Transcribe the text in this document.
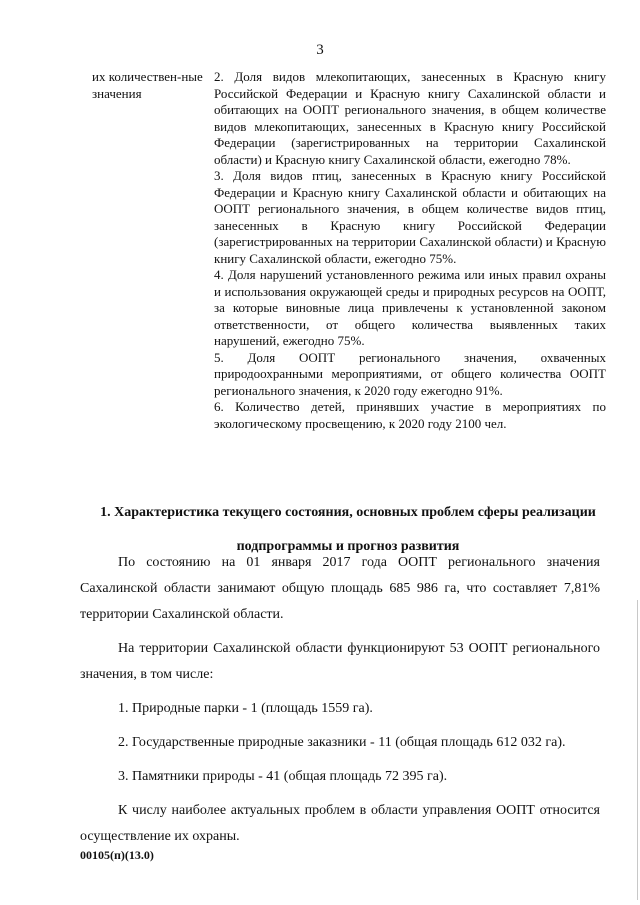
3
их количествен-ные значения

2. Доля видов млекопитающих, занесенных в Красную книгу Российской Федерации и Красную книгу Сахалинской области и обитающих на ООПТ регионального значения, в общем количестве видов млекопитающих, занесенных в Красную книгу Российской Федерации (зарегистрированных на территории Сахалинской области) и Красную книгу Сахалинской области, ежегодно 78%.

3. Доля видов птиц, занесенных в Красную книгу Российской Федерации и Красную книгу Сахалинской области и обитающих на ООПТ регионального значения, в общем количестве видов птиц, занесенных в Красную книгу Российской Федерации (зарегистрированных на территории Сахалинской области) и Красную книгу Сахалинской области, ежегодно 75%.

4. Доля нарушений установленного режима или иных правил охраны и использования окружающей среды и природных ресурсов на ООПТ, за которые виновные лица привлечены к установленной законом ответственности, от общего количества выявленных таких нарушений, ежегодно 75%.

5. Доля ООПТ регионального значения, охваченных природоохранными мероприятиями, от общего количества ООПТ регионального значения, к 2020 году ежегодно 91%.

6. Количество детей, принявших участие в мероприятиях по экологическому просвещению, к 2020 году 2100 чел.

1. Характеристика текущего состояния, основных проблем сферы реализации подпрограммы и прогноз развития

По состоянию на 01 января 2017 года ООПТ регионального значения Сахалинской области занимают общую площадь 685 986 га, что составляет 7,81% территории Сахалинской области.

На территории Сахалинской области функционируют 53 ООПТ регионального значения, в том числе:

1. Природные парки - 1 (площадь 1559 га).

2. Государственные природные заказники - 11 (общая площадь 612 032 га).

3. Памятники природы - 41 (общая площадь 72 395 га).

К числу наиболее актуальных проблем в области управления ООПТ относится осуществление их охраны.

00105(п)(13.0)
